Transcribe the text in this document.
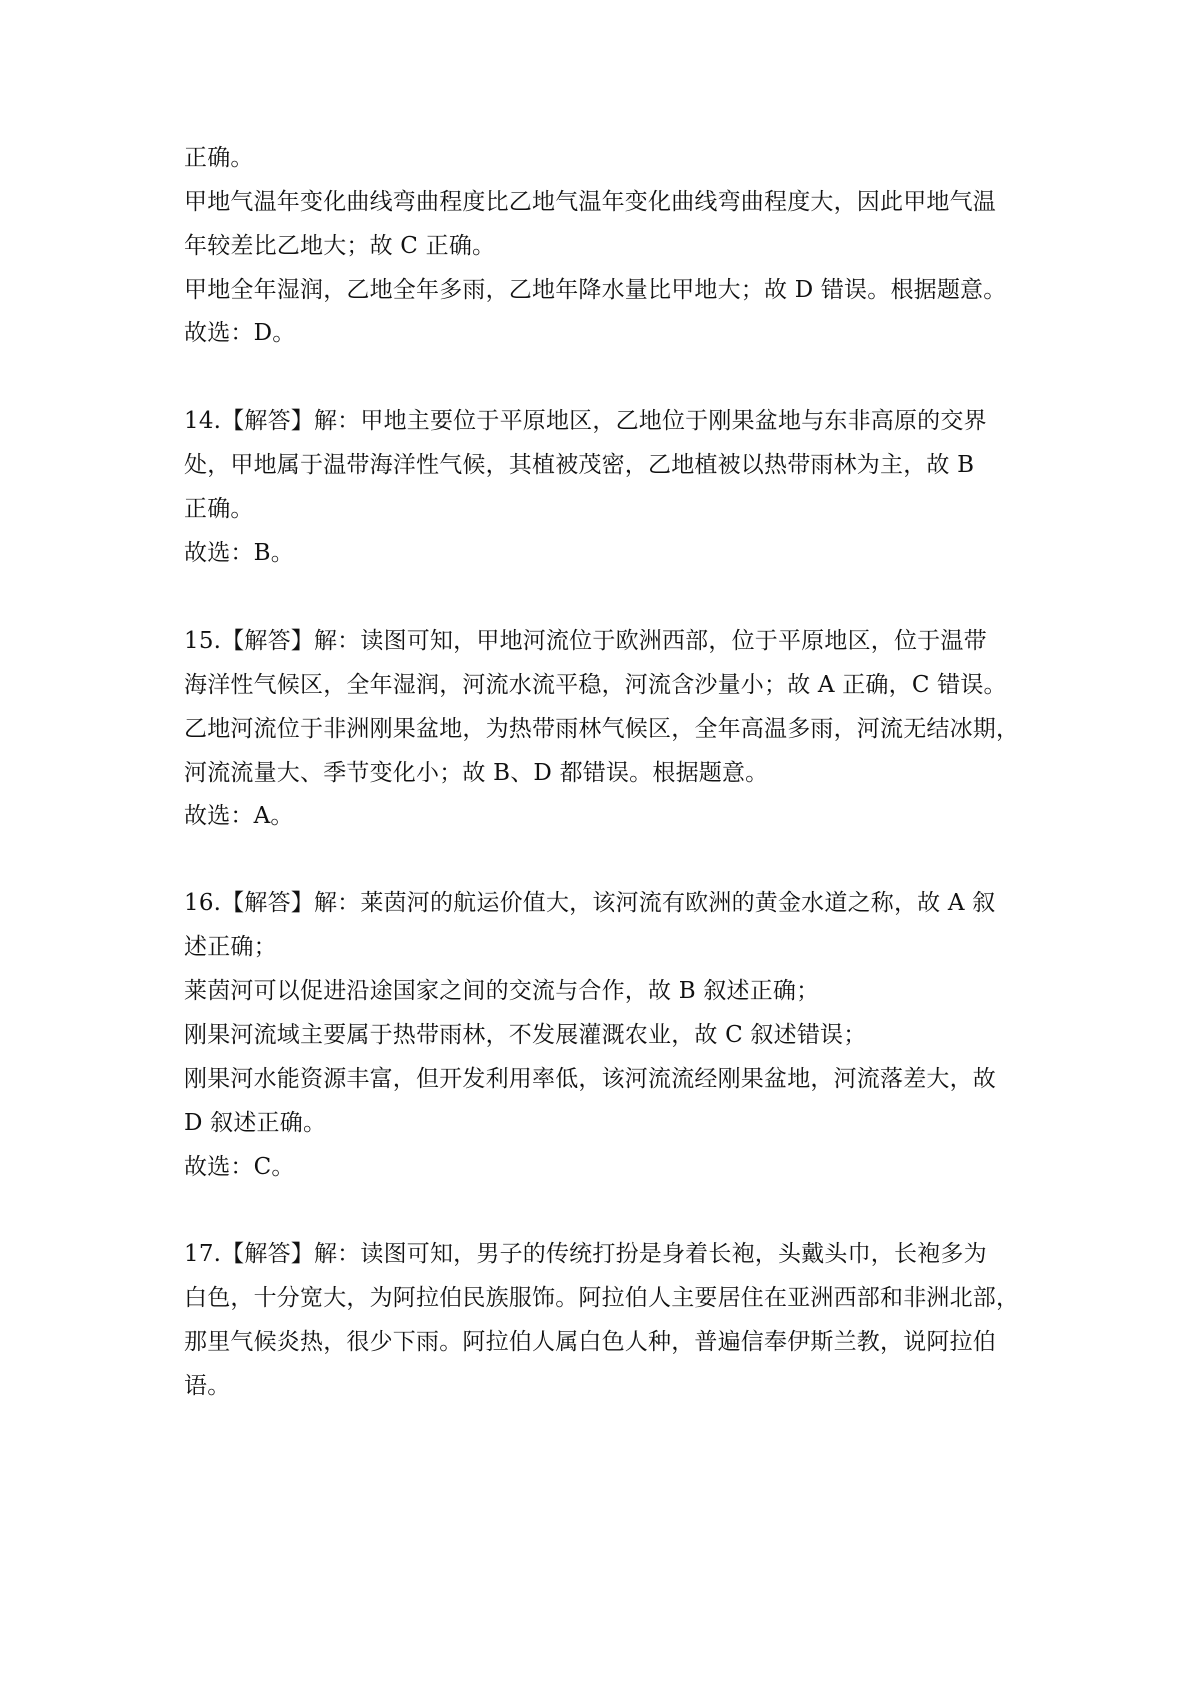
正确。
甲地气温年变化曲线弯曲程度比乙地气温年变化曲线弯曲程度大，因此甲地气温
年较差比乙地大；故 C 正确。
甲地全年湿润，乙地全年多雨，乙地年降水量比甲地大；故 D 错误。根据题意。
故选：D。
14.【解答】解：甲地主要位于平原地区，乙地位于刚果盆地与东非高原的交界
处，甲地属于温带海洋性气候，其植被茂密，乙地植被以热带雨林为主，故 B
正确。
故选：B。
15.【解答】解：读图可知，甲地河流位于欧洲西部，位于平原地区，位于温带
海洋性气候区，全年湿润，河流水流平稳，河流含沙量小；故 A 正确，C 错误。
乙地河流位于非洲刚果盆地，为热带雨林气候区，全年高温多雨，河流无结冰期，
河流流量大、季节变化小；故 B、D 都错误。根据题意。
故选：A。
16.【解答】解：莱茵河的航运价值大，该河流有欧洲的黄金水道之称，故 A 叙
述正确；
莱茵河可以促进沿途国家之间的交流与合作，故 B 叙述正确；
刚果河流域主要属于热带雨林，不发展灌溉农业，故 C 叙述错误；
刚果河水能资源丰富，但开发利用率低，该河流流经刚果盆地，河流落差大，故
D 叙述正确。
故选：C。
17.【解答】解：读图可知，男子的传统打扮是身着长袍，头戴头巾，长袍多为
白色，十分宽大，为阿拉伯民族服饰。阿拉伯人主要居住在亚洲西部和非洲北部，
那里气候炎热，很少下雨。阿拉伯人属白色人种，普遍信奉伊斯兰教，说阿拉伯
语。
